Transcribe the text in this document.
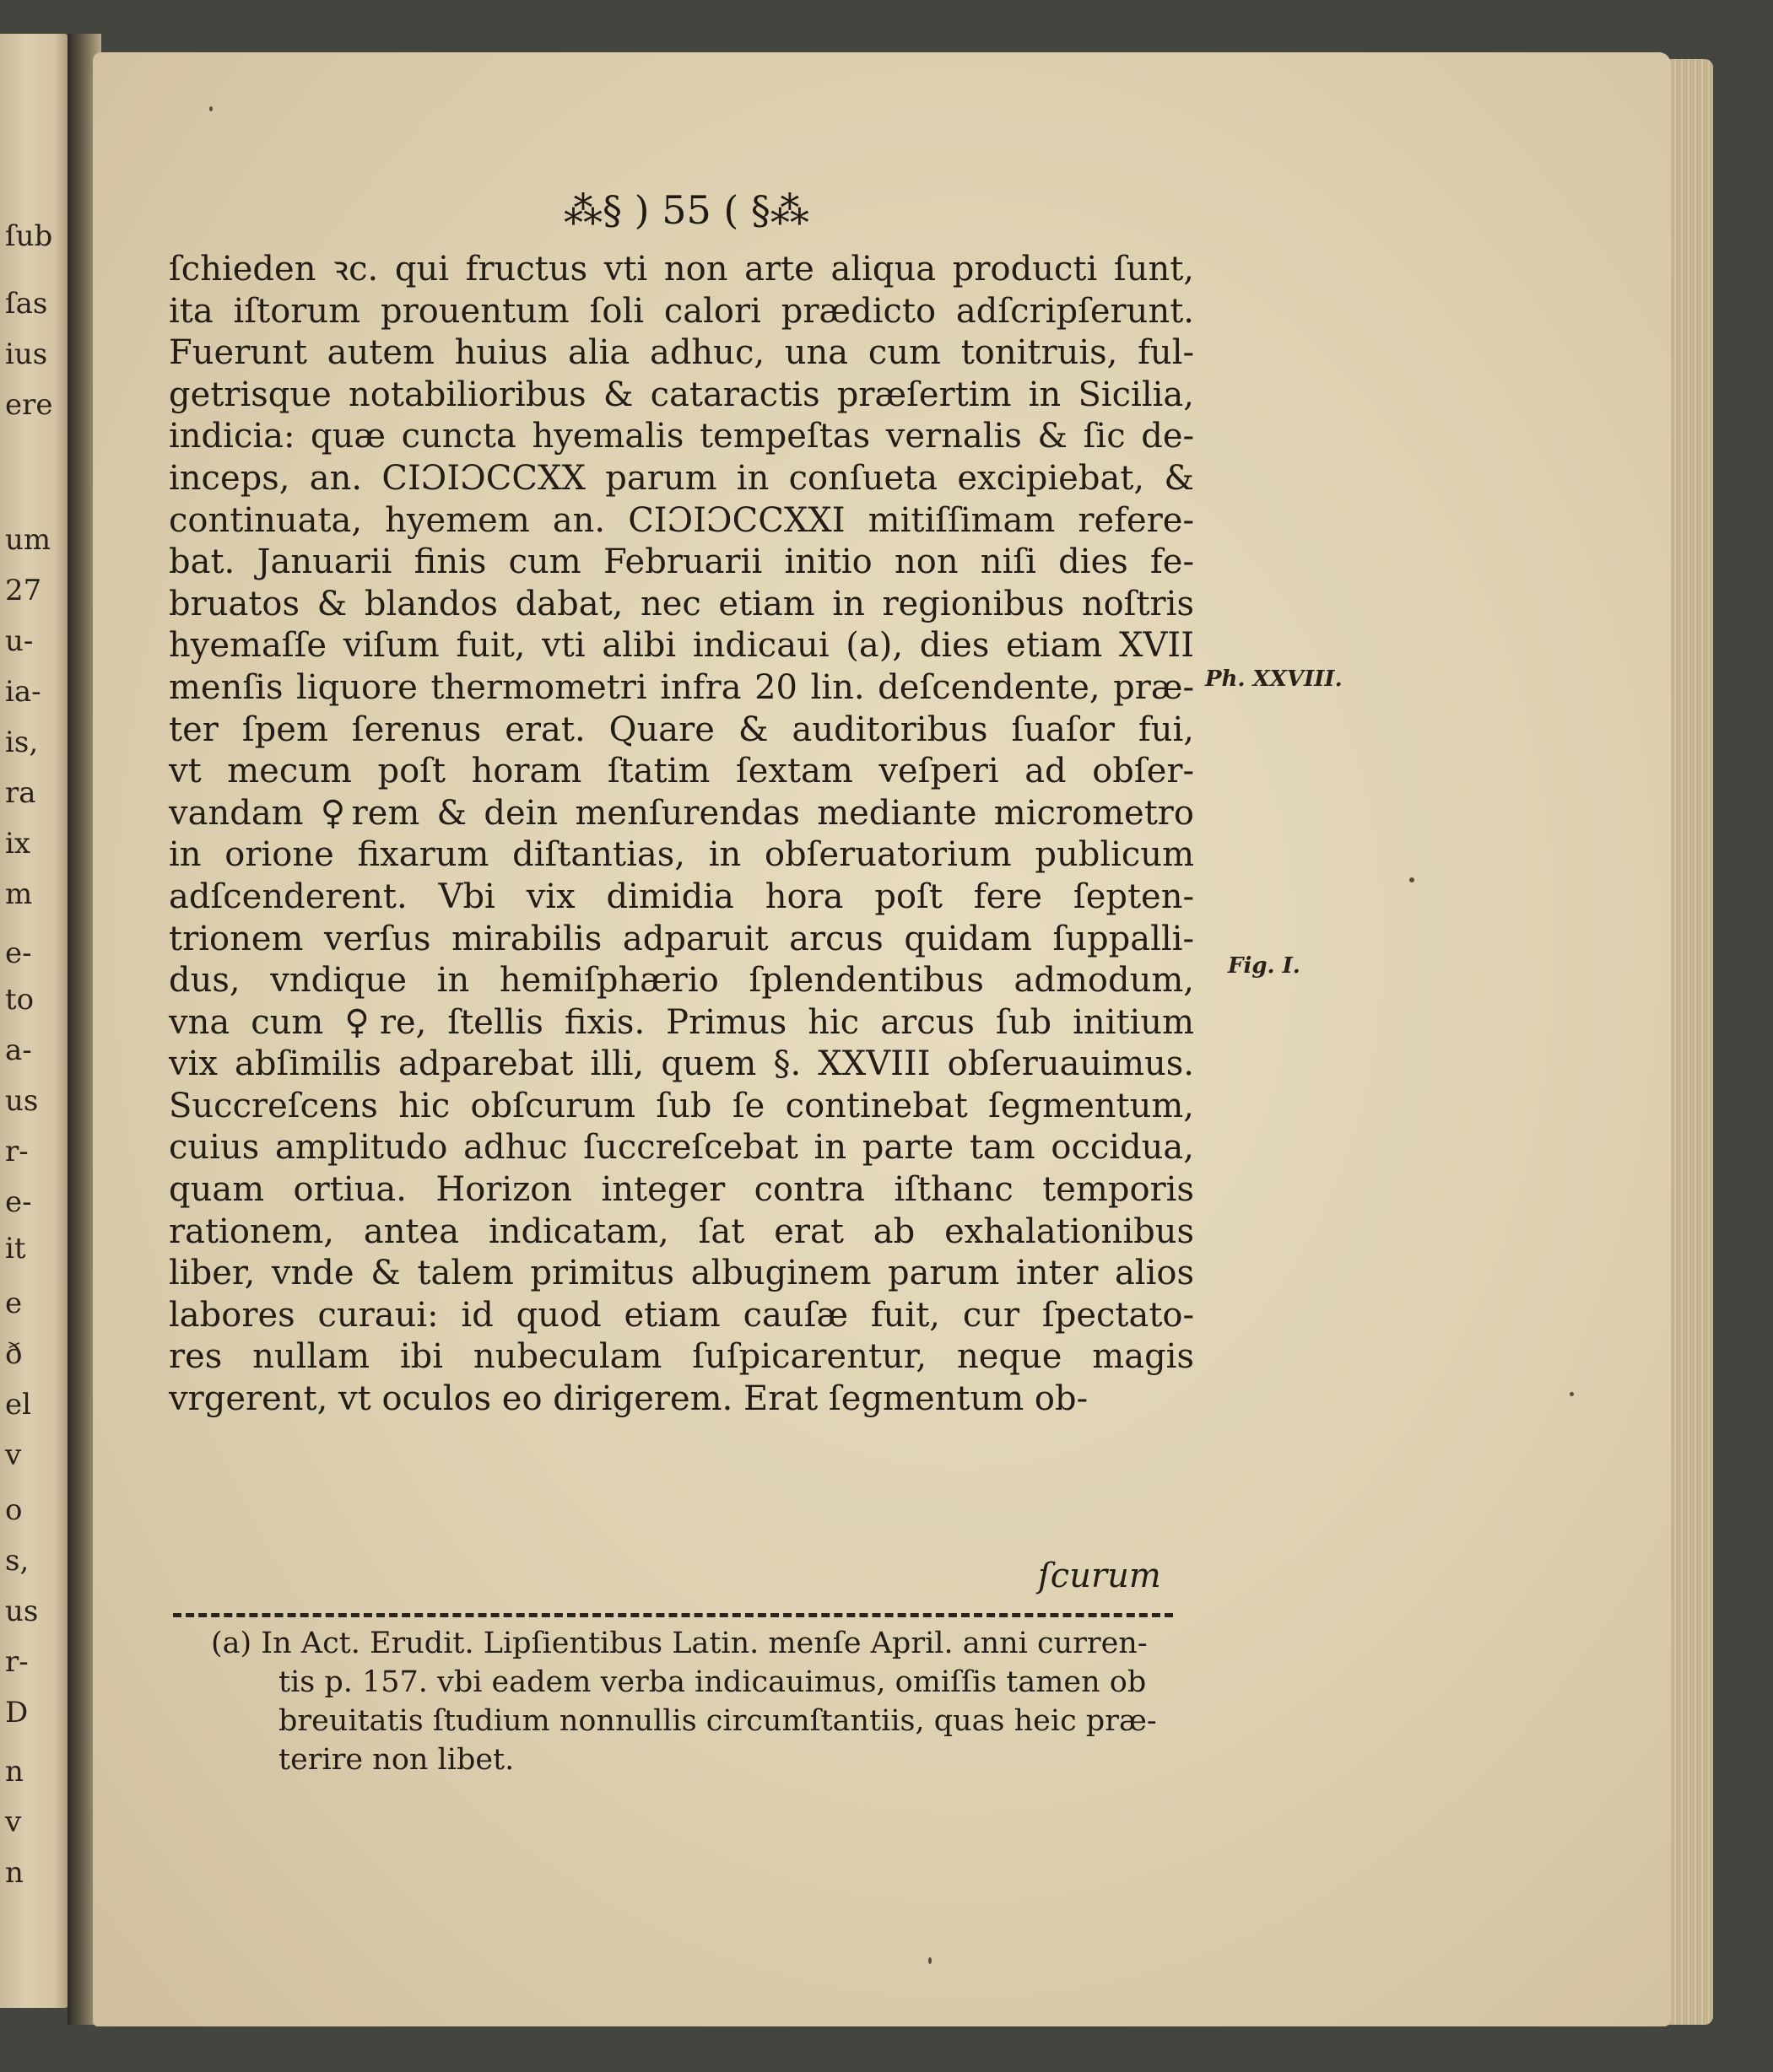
ſub
ſas
ius
ere
um
27
u-
ia-
is,
ra
ix
m
e-
to
a-
us
r-
e-
it
e
ð
el
v
o
s,
us
r-
D
n
v
n
⁂§ ) 55 ( §⁂
ſchieden ꝛc. qui fructus vti non arte aliqua producti ſunt,
ita iſtorum prouentum ſoli calori prædicto adſcripſerunt.
Fuerunt autem huius alia adhuc, una cum tonitruis, ful-
getrisque notabilioribus & cataractis præſertim in Sicilia,
indicia: quæ cuncta hyemalis tempeſtas vernalis & ſic de-
inceps, an. CIƆIƆCCXX parum in conſueta excipiebat, &
continuata, hyemem an. CIƆIƆCCXXI mitiſſimam refere-
bat. Januarii finis cum Februarii initio non niſi dies fe-
bruatos & blandos dabat, nec etiam in regionibus noſtris
hyemaſſe viſum fuit, vti alibi indicaui (a), dies etiam XVII
menſis liquore thermometri infra 20 lin. deſcendente, præ-
ter ſpem ſerenus erat. Quare & auditoribus ſuaſor fui,
vt mecum poſt horam ſtatim ſextam veſperi ad obſer-
vandam ♀rem & dein menſurendas mediante micrometro
in orione fixarum diſtantias, in obſeruatorium publicum
adſcenderent. Vbi vix dimidia hora poſt fere ſepten-
trionem verſus mirabilis adparuit arcus quidam ſuppalli-
dus, vndique in hemiſphærio ſplendentibus admodum,
vna cum ♀re, ſtellis fixis. Primus hic arcus ſub initium
vix abſimilis adparebat illi, quem §. XXVIII obſeruauimus.
Succreſcens hic obſcurum ſub ſe continebat ſegmentum,
cuius amplitudo adhuc ſuccreſcebat in parte tam occidua,
quam ortiua. Horizon integer contra iſthanc temporis
rationem, antea indicatam, ſat erat ab exhalationibus
liber, vnde & talem primitus albuginem parum inter alios
labores curaui: id quod etiam cauſæ fuit, cur ſpectato-
res nullam ibi nubeculam ſuſpicarentur, neque magis
vrgerent, vt oculos eo dirigerem. Erat ſegmentum ob-
ſcurum
(a) In Act. Erudit. Lipſientibus Latin. menſe April. anni curren-
tis p. 157. vbi eadem verba indicauimus, omiſſis tamen ob
breuitatis ſtudium nonnullis circumſtantiis, quas heic præ-
terire non libet.
Ph. XXVIII.
Fig. I.
